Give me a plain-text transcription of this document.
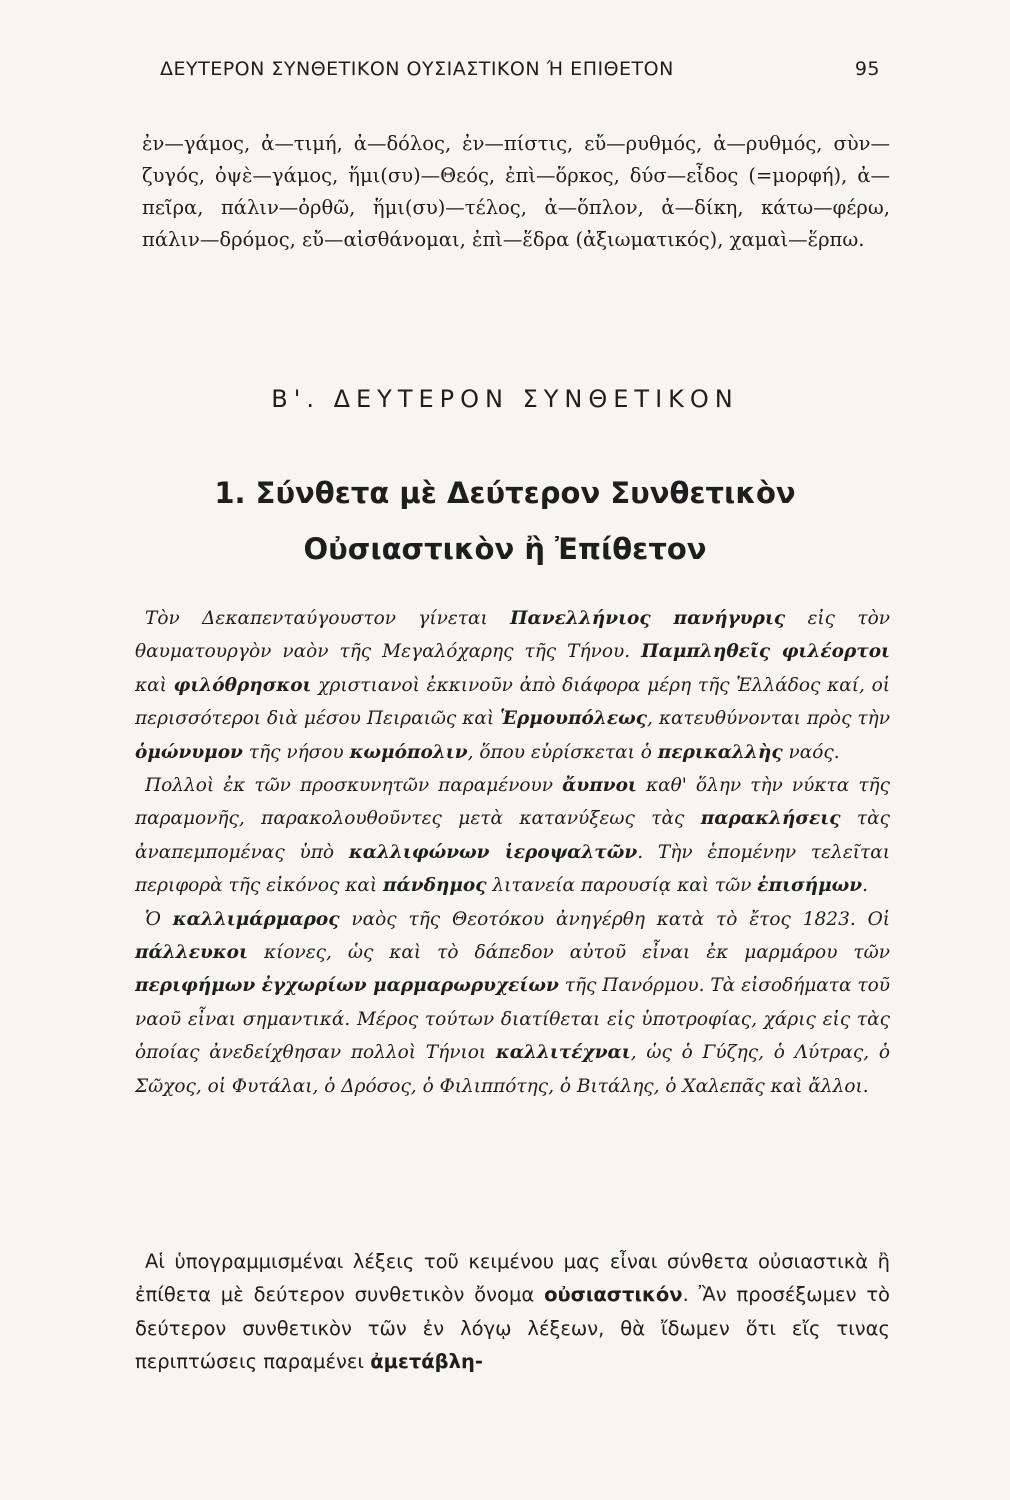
ΔΕΥΤΕΡΟΝ ΣΥΝΘΕΤΙΚΟΝ ΟΥΣΙΑΣΤΙΚΟΝ Ή ΕΠΙΘΕΤΟΝ	95
ἐν—γάμος, ἀ—τιμή, ἀ—δόλος, ἐν—πίστις, εὔ—ρυθμός, ἀ—ρυθμός, σὺν—ζυγός, ὀψὲ—γάμος, ἥμι(συ)—Θεός, ἐπὶ—ὅρκος, δύσ—εἶδος (=μορφή), ἀ—πεῖρα, πάλιν—ὀρθῶ, ἥμι(συ)—τέλος, ἀ—ὅπλον, ἀ—δίκη, κάτω—φέρω, πάλιν—δρόμος, εὔ—αἰσθάνομαι, ἐπὶ—ἕδρα (ἀξιωματικός), χαμαὶ—ἕρπω.
Β'. ΔΕΥΤΕΡΟΝ ΣΥΝΘΕΤΙΚΟΝ
1. Σύνθετα μὲ Δεύτερον Συνθετικὸν
Οὐσιαστικὸν ἢ Ἐπίθετον

Τὸν Δεκαπενταύγουστον γίνεται Πανελλήνιος πανήγυρις εἰς τὸν θαυματουργὸν ναὸν τῆς Μεγαλόχαρης τῆς Τήνου. Παμπληθεῖς φιλέορτοι καὶ φιλόθρησκοι χριστιανοὶ ἐκκινοῦν ἀπὸ διάφορα μέρη τῆς Ἑλλάδος καί, οἱ περισσότεροι διὰ μέσου Πειραιῶς καὶ Ἑρμουπόλεως, κατευθύνονται πρὸς τὴν ὁμώνυμον τῆς νήσου κωμόπολιν, ὅπου εὑρίσκεται ὁ περικαλλὴς ναός.

Πολλοὶ ἐκ τῶν προσκυνητῶν παραμένουν ἄυπνοι καθ' ὅλην τὴν νύκτα τῆς παραμονῆς, παρακολουθοῦντες μετὰ κατανύξεως τὰς παρακλήσεις τὰς ἀναπεμπομένας ὑπὸ καλλιφώνων ἱεροψαλτῶν. Τὴν ἑπομένην τελεῖται περιφορὰ τῆς εἰκόνος καὶ πάνδημος λιτανεία παρουσίᾳ καὶ τῶν ἐπισήμων.

Ὁ καλλιμάρμαρος ναὸς τῆς Θεοτόκου ἀνηγέρθη κατὰ τὸ ἔτος 1823. Οἱ πάλλευκοι κίονες, ὡς καὶ τὸ δάπεδον αὐτοῦ εἶναι ἐκ μαρμάρου τῶν περιφήμων ἐγχωρίων μαρμαρωρυχείων τῆς Πανόρμου. Τὰ εἰσοδήματα τοῦ ναοῦ εἶναι σημαντικά. Μέρος τούτων διατίθεται εἰς ὑποτροφίας, χάρις εἰς τὰς ὁποίας ἀνεδείχθησαν πολλοὶ Τήνιοι καλλιτέχναι, ὡς ὁ Γύζης, ὁ Λύτρας, ὁ Σῶχος, οἱ Φυτάλαι, ὁ Δρόσος, ὁ Φιλιππότης, ὁ Βιτάλης, ὁ Χαλεπᾶς καὶ ἄλλοι.

Αἱ ὑπογραμμισμέναι λέξεις τοῦ κειμένου μας εἶναι σύνθετα οὐσιαστικὰ ἢ ἐπίθετα μὲ δεύτερον συνθετικὸν ὄνομα οὐσιαστικόν. Ἂν προσέξωμεν τὸ δεύτερον συνθετικὸν τῶν ἐν λόγῳ λέξεων, θὰ ἴδωμεν ὅτι εἴς τινας περιπτώσεις παραμένει ἀμετάβλη-
